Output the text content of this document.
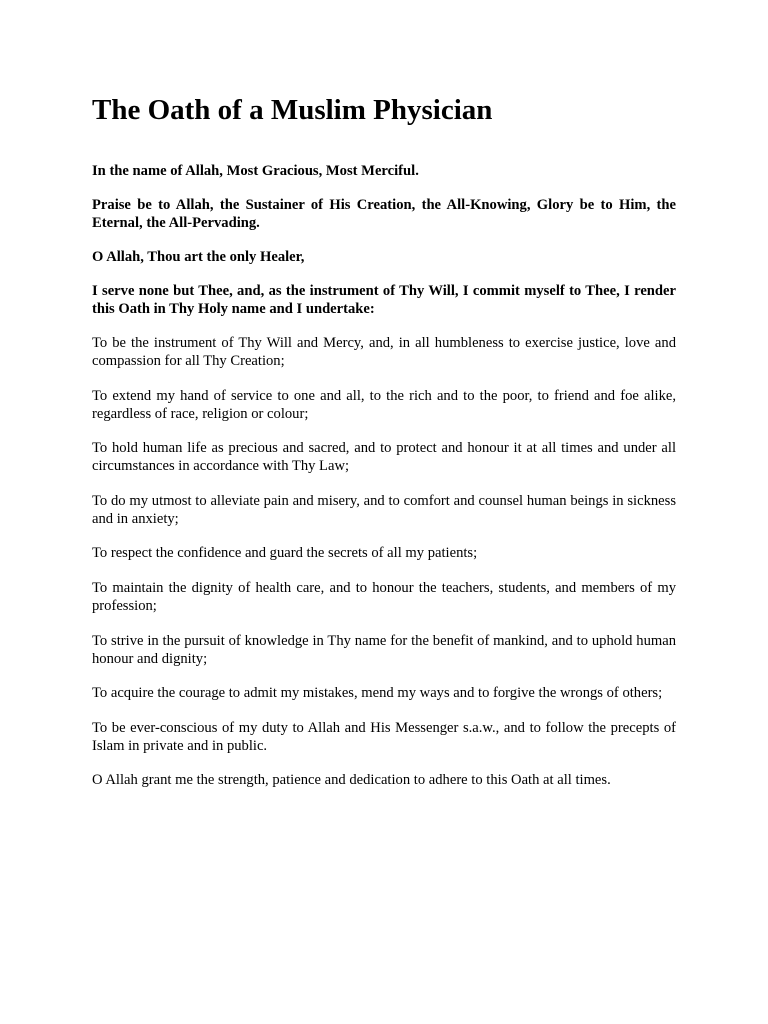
The Oath of a Muslim Physician

In the name of Allah, Most Gracious, Most Merciful.

Praise be to Allah, the Sustainer of His Creation, the All-Knowing, Glory be to Him, the Eternal, the All-Pervading.

O Allah, Thou art the only Healer,

I serve none but Thee, and, as the instrument of Thy Will, I commit myself to Thee, I render this Oath in Thy Holy name and I undertake:

To be the instrument of Thy Will and Mercy, and, in all humbleness to exercise justice, love and compassion for all Thy Creation;

To extend my hand of service to one and all, to the rich and to the poor, to friend and foe alike, regardless of race, religion or colour;

To hold human life as precious and sacred, and to protect and honour it at all times and under all circumstances in accordance with Thy Law;

To do my utmost to alleviate pain and misery, and to comfort and counsel human beings in sickness and in anxiety;

To respect the confidence and guard the secrets of all my patients;

To maintain the dignity of health care, and to honour the teachers, students, and members of my profession;

To strive in the pursuit of knowledge in Thy name for the benefit of mankind, and to uphold human honour and dignity;

To acquire the courage to admit my mistakes, mend my ways and to forgive the wrongs of others;

To be ever-conscious of my duty to Allah and His Messenger s.a.w., and to follow the precepts of Islam in private and in public.

O Allah grant me the strength, patience and dedication to adhere to this Oath at all times.
